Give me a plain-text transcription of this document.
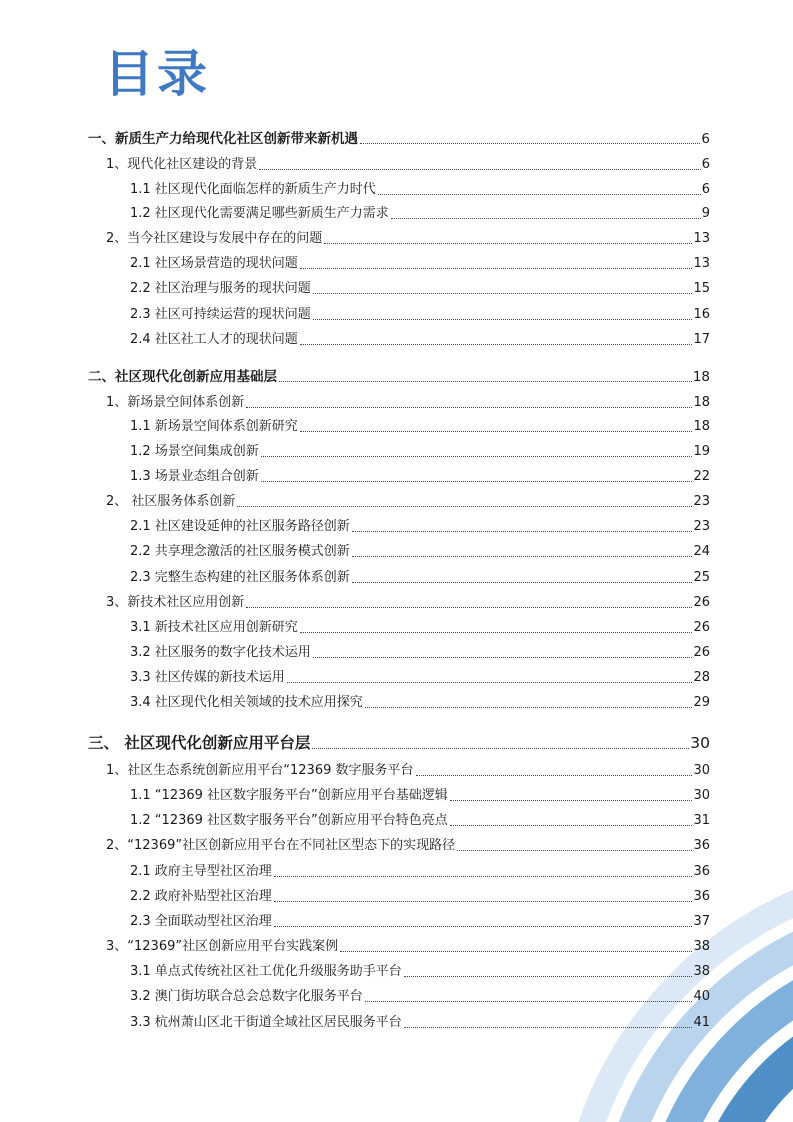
目录
一、新质生产力给现代化社区创新带来新机遇	6
1、现代化社区建设的背景	6
1.1 社区现代化面临怎样的新质生产力时代	6
1.2 社区现代化需要满足哪些新质生产力需求	9
2、当今社区建设与发展中存在的问题	13
2.1 社区场景营造的现状问题	13
2.2 社区治理与服务的现状问题	15
2.3 社区可持续运营的现状问题	16
2.4 社区社工人才的现状问题	17
二、社区现代化创新应用基础层	18
1、新场景空间体系创新	18
1.1 新场景空间体系创新研究	18
1.2 场景空间集成创新	19
1.3 场景业态组合创新	22
2、 社区服务体系创新	23
2.1 社区建设延伸的社区服务路径创新	23
2.2 共享理念激活的社区服务模式创新	24
2.3 完整生态构建的社区服务体系创新	25
3、新技术社区应用创新	26
3.1 新技术社区应用创新研究	26
3.2 社区服务的数字化技术运用	26
3.3 社区传媒的新技术运用	28
3.4 社区现代化相关领域的技术应用探究	29
三、 社区现代化创新应用平台层	30
1、社区生态系统创新应用平台“12369 数字服务平台	30
1.1 “12369 社区数字服务平台”创新应用平台基础逻辑	30
1.2 “12369 社区数字服务平台”创新应用平台特色亮点	31
2、“12369”社区创新应用平台在不同社区型态下的实现路径	36
2.1 政府主导型社区治理	36
2.2 政府补贴型社区治理	36
2.3 全面联动型社区治理	37
3、“12369”社区创新应用平台实践案例	38
3.1 单点式传统社区社工优化升级服务助手平台	38
3.2 澳门街坊联合总会总数字化服务平台	40
3.3 杭州萧山区北干街道全域社区居民服务平台	41
